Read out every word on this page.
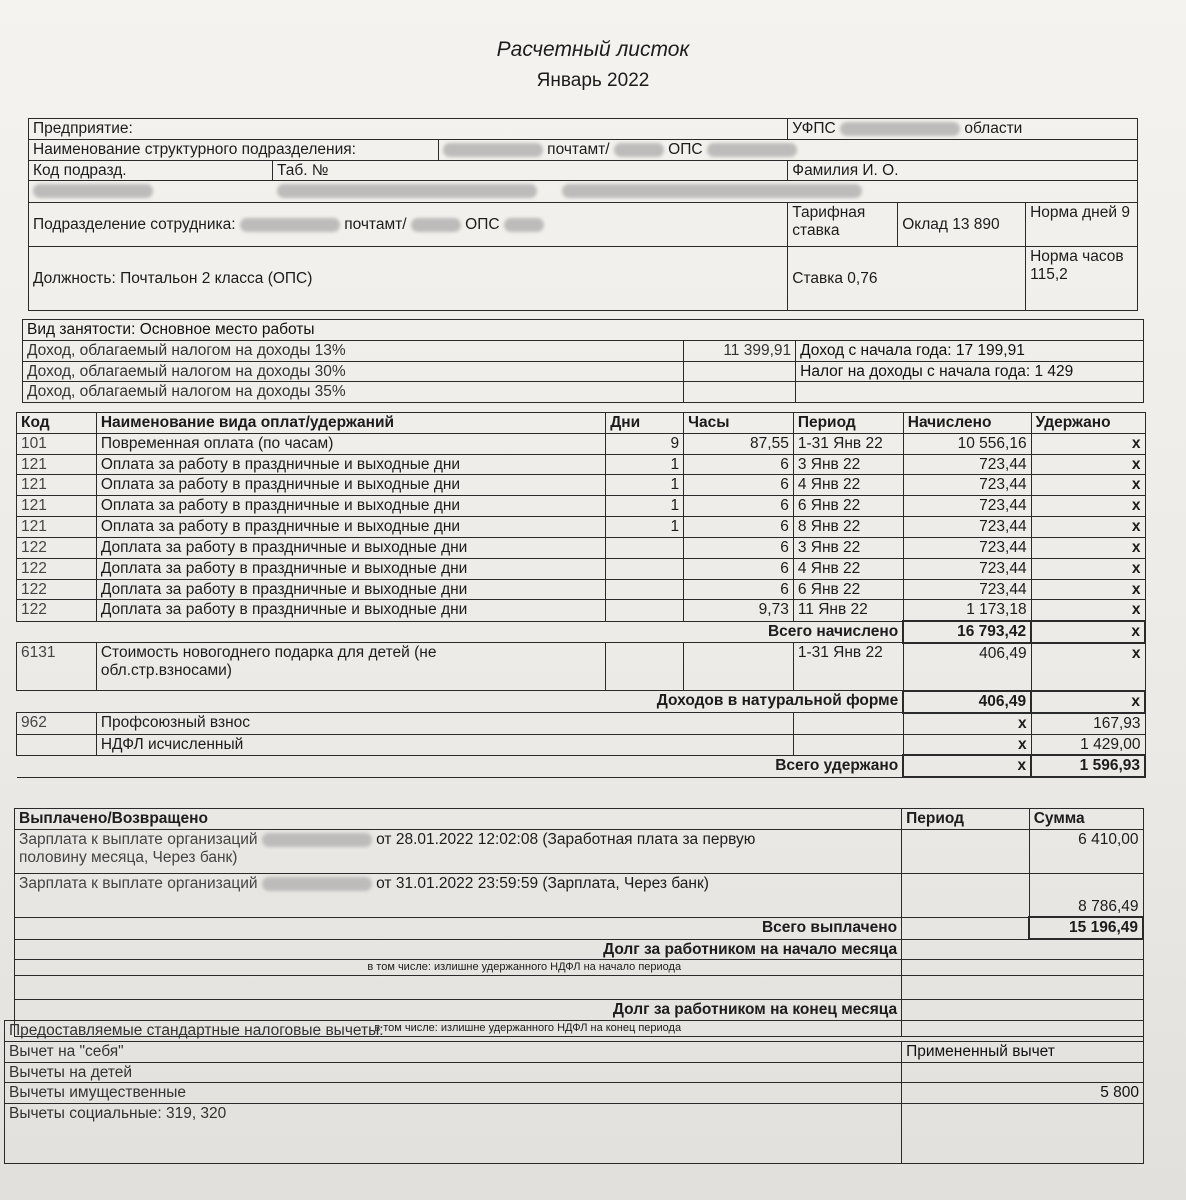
Расчетный листок
Январь 2022
Предприятие:			УФПС области		
Наименование структурного подразделения:		почтамт/ ОПС			
Код подразд.	Таб. №		Фамилия И. О.		

Подразделение сотрудника: почтамт/ ОПС			Тарифная ставка	Оклад 13 890	Норма дней 9
Должность: Почтальон 2 класса (ОПС)			Ставка 0,76		Норма часов 115,2
Вид занятости: Основное место работы		
Доход, облагаемый налогом на доходы 13%	11 399,91	Доход с начала года: 17 199,91
Доход, облагаемый налогом на доходы 30%		Налог на доходы с начала года: 1 429
Доход, облагаемый налогом на доходы 35%		
Код	Наименование вида оплат/удержаний	Дни	Часы	Период	Начислено	Удержано
101	Повременная оплата (по часам)	9	87,55	1-31 Янв 22	10 556,16	x
121	Оплата за работу в праздничные и выходные дни	1	6	3 Янв 22	723,44	x
121	Оплата за работу в праздничные и выходные дни	1	6	4 Янв 22	723,44	x
121	Оплата за работу в праздничные и выходные дни	1	6	6 Янв 22	723,44	x
121	Оплата за работу в праздничные и выходные дни	1	6	8 Янв 22	723,44	x
122	Доплата за работу в праздничные и выходные дни		6	3 Янв 22	723,44	x
122	Доплата за работу в праздничные и выходные дни		6	4 Янв 22	723,44	x
122	Доплата за работу в праздничные и выходные дни		6	6 Янв 22	723,44	x
122	Доплата за работу в праздничные и выходные дни		9,73	11 Янв 22	1 173,18	x
Всего начислено					16 793,42	x
6131	Стоимость новогоднего подарка для детей (не
обл.стр.взносами)			1-31 Янв 22	406,49	x
Доходов в натуральной форме					406,49	x
962	Профсоюзный взнос				x	167,93
	НДФЛ исчисленный				x	1 429,00
Всего удержано					x	1 596,93
Выплачено/Возвращено	Период	Сумма
Зарплата к выплате организаций от 28.01.2022 12:02:08 (Заработная плата за первую
половину месяца, Через банк)		6 410,00
Зарплата к выплате организаций от 31.01.2022 23:59:59 (Зарплата, Через банк)		8 786,49
Всего выплачено		15 196,49
Долг за работником на начало месяца		
в том числе: излишне удержанного НДФЛ на начало периода		

Долг за работником на конец месяца		
в том числе: излишне удержанного НДФЛ на конец периода		
Предоставляемые стандартные налоговые вычеты:	
Вычет на "себя"	Примененный вычет
Вычеты на детей	
Вычеты имущественные	5 800
Вычеты социальные: 319, 320	
